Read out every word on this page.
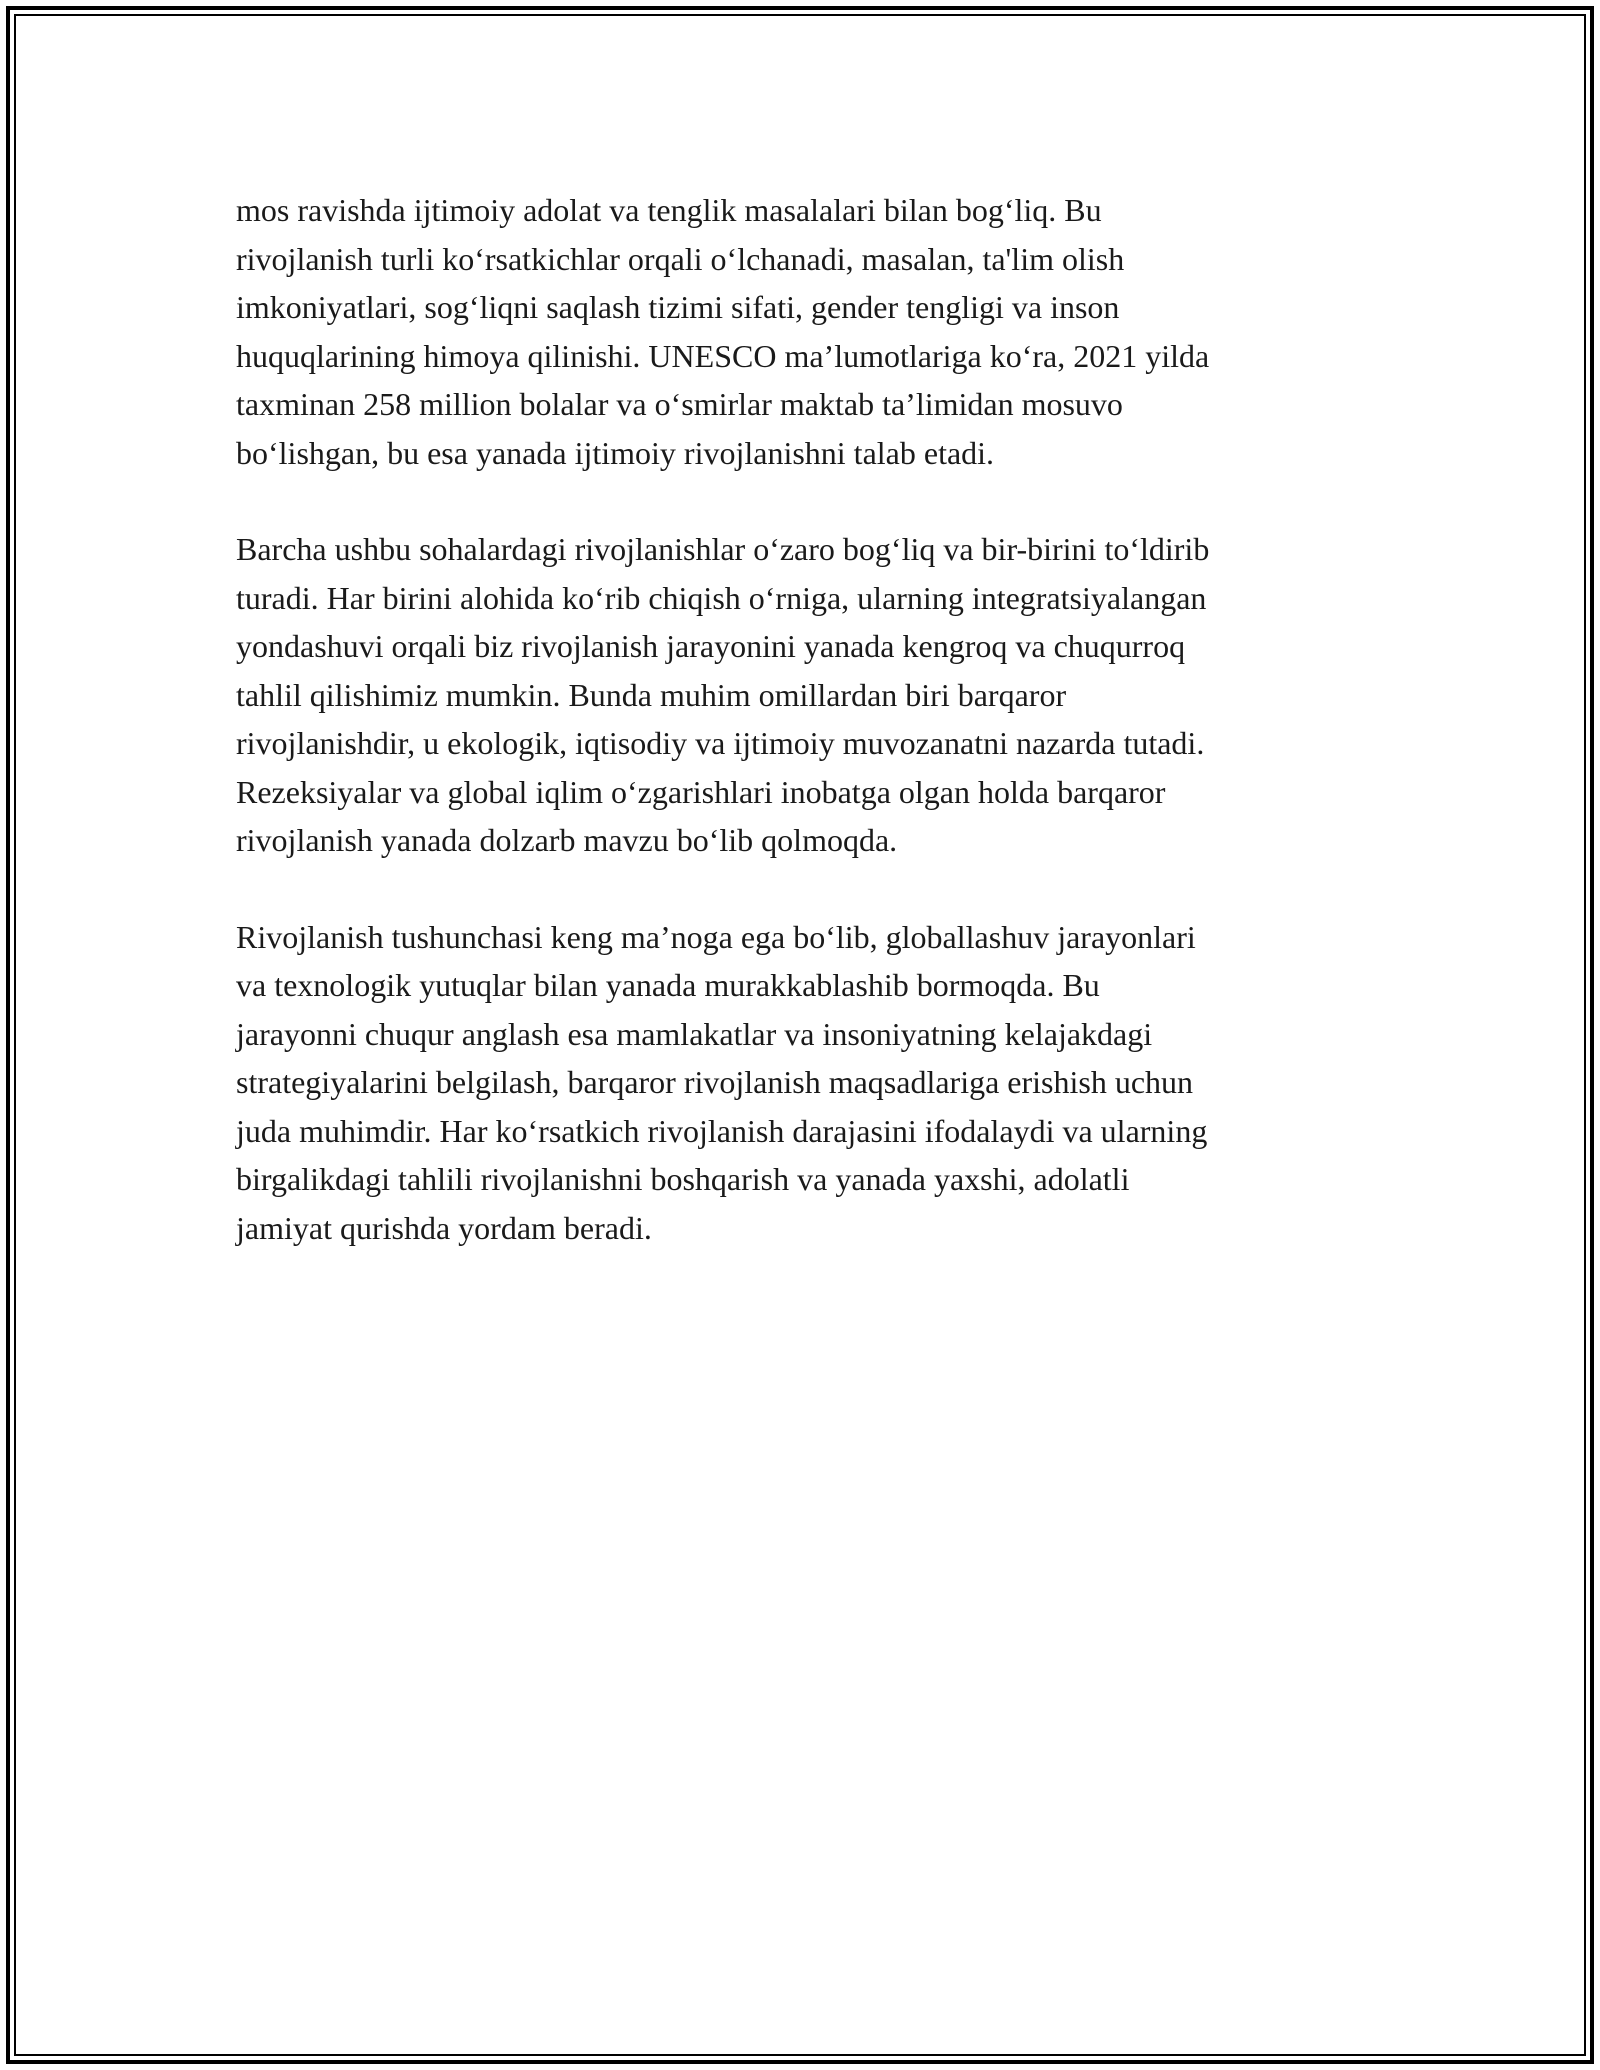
mos ravishda ijtimoiy adolat va tenglik masalalari bilan bog‘liq. Bu
rivojlanish turli ko‘rsatkichlar orqali o‘lchanadi, masalan, ta'lim olish
imkoniyatlari, sog‘liqni saqlash tizimi sifati, gender tengligi va inson
huquqlarining himoya qilinishi. UNESCO ma’lumotlariga ko‘ra, 2021 yilda
taxminan 258 million bolalar va o‘smirlar maktab ta’limidan mosuvo
bo‘lishgan, bu esa yanada ijtimoiy rivojlanishni talab etadi.

Barcha ushbu sohalardagi rivojlanishlar o‘zaro bog‘liq va bir-birini to‘ldirib
turadi. Har birini alohida ko‘rib chiqish o‘rniga, ularning integratsiyalangan
yondashuvi orqali biz rivojlanish jarayonini yanada kengroq va chuqurroq
tahlil qilishimiz mumkin. Bunda muhim omillardan biri barqaror
rivojlanishdir, u ekologik, iqtisodiy va ijtimoiy muvozanatni nazarda tutadi.
Rezeksiyalar va global iqlim o‘zgarishlari inobatga olgan holda barqaror
rivojlanish yanada dolzarb mavzu bo‘lib qolmoqda.

Rivojlanish tushunchasi keng ma’noga ega bo‘lib, globallashuv jarayonlari
va texnologik yutuqlar bilan yanada murakkablashib bormoqda. Bu
jarayonni chuqur anglash esa mamlakatlar va insoniyatning kelajakdagi
strategiyalarini belgilash, barqaror rivojlanish maqsadlariga erishish uchun
juda muhimdir. Har ko‘rsatkich rivojlanish darajasini ifodalaydi va ularning
birgalikdagi tahlili rivojlanishni boshqarish va yanada yaxshi, adolatli
jamiyat qurishda yordam beradi.
